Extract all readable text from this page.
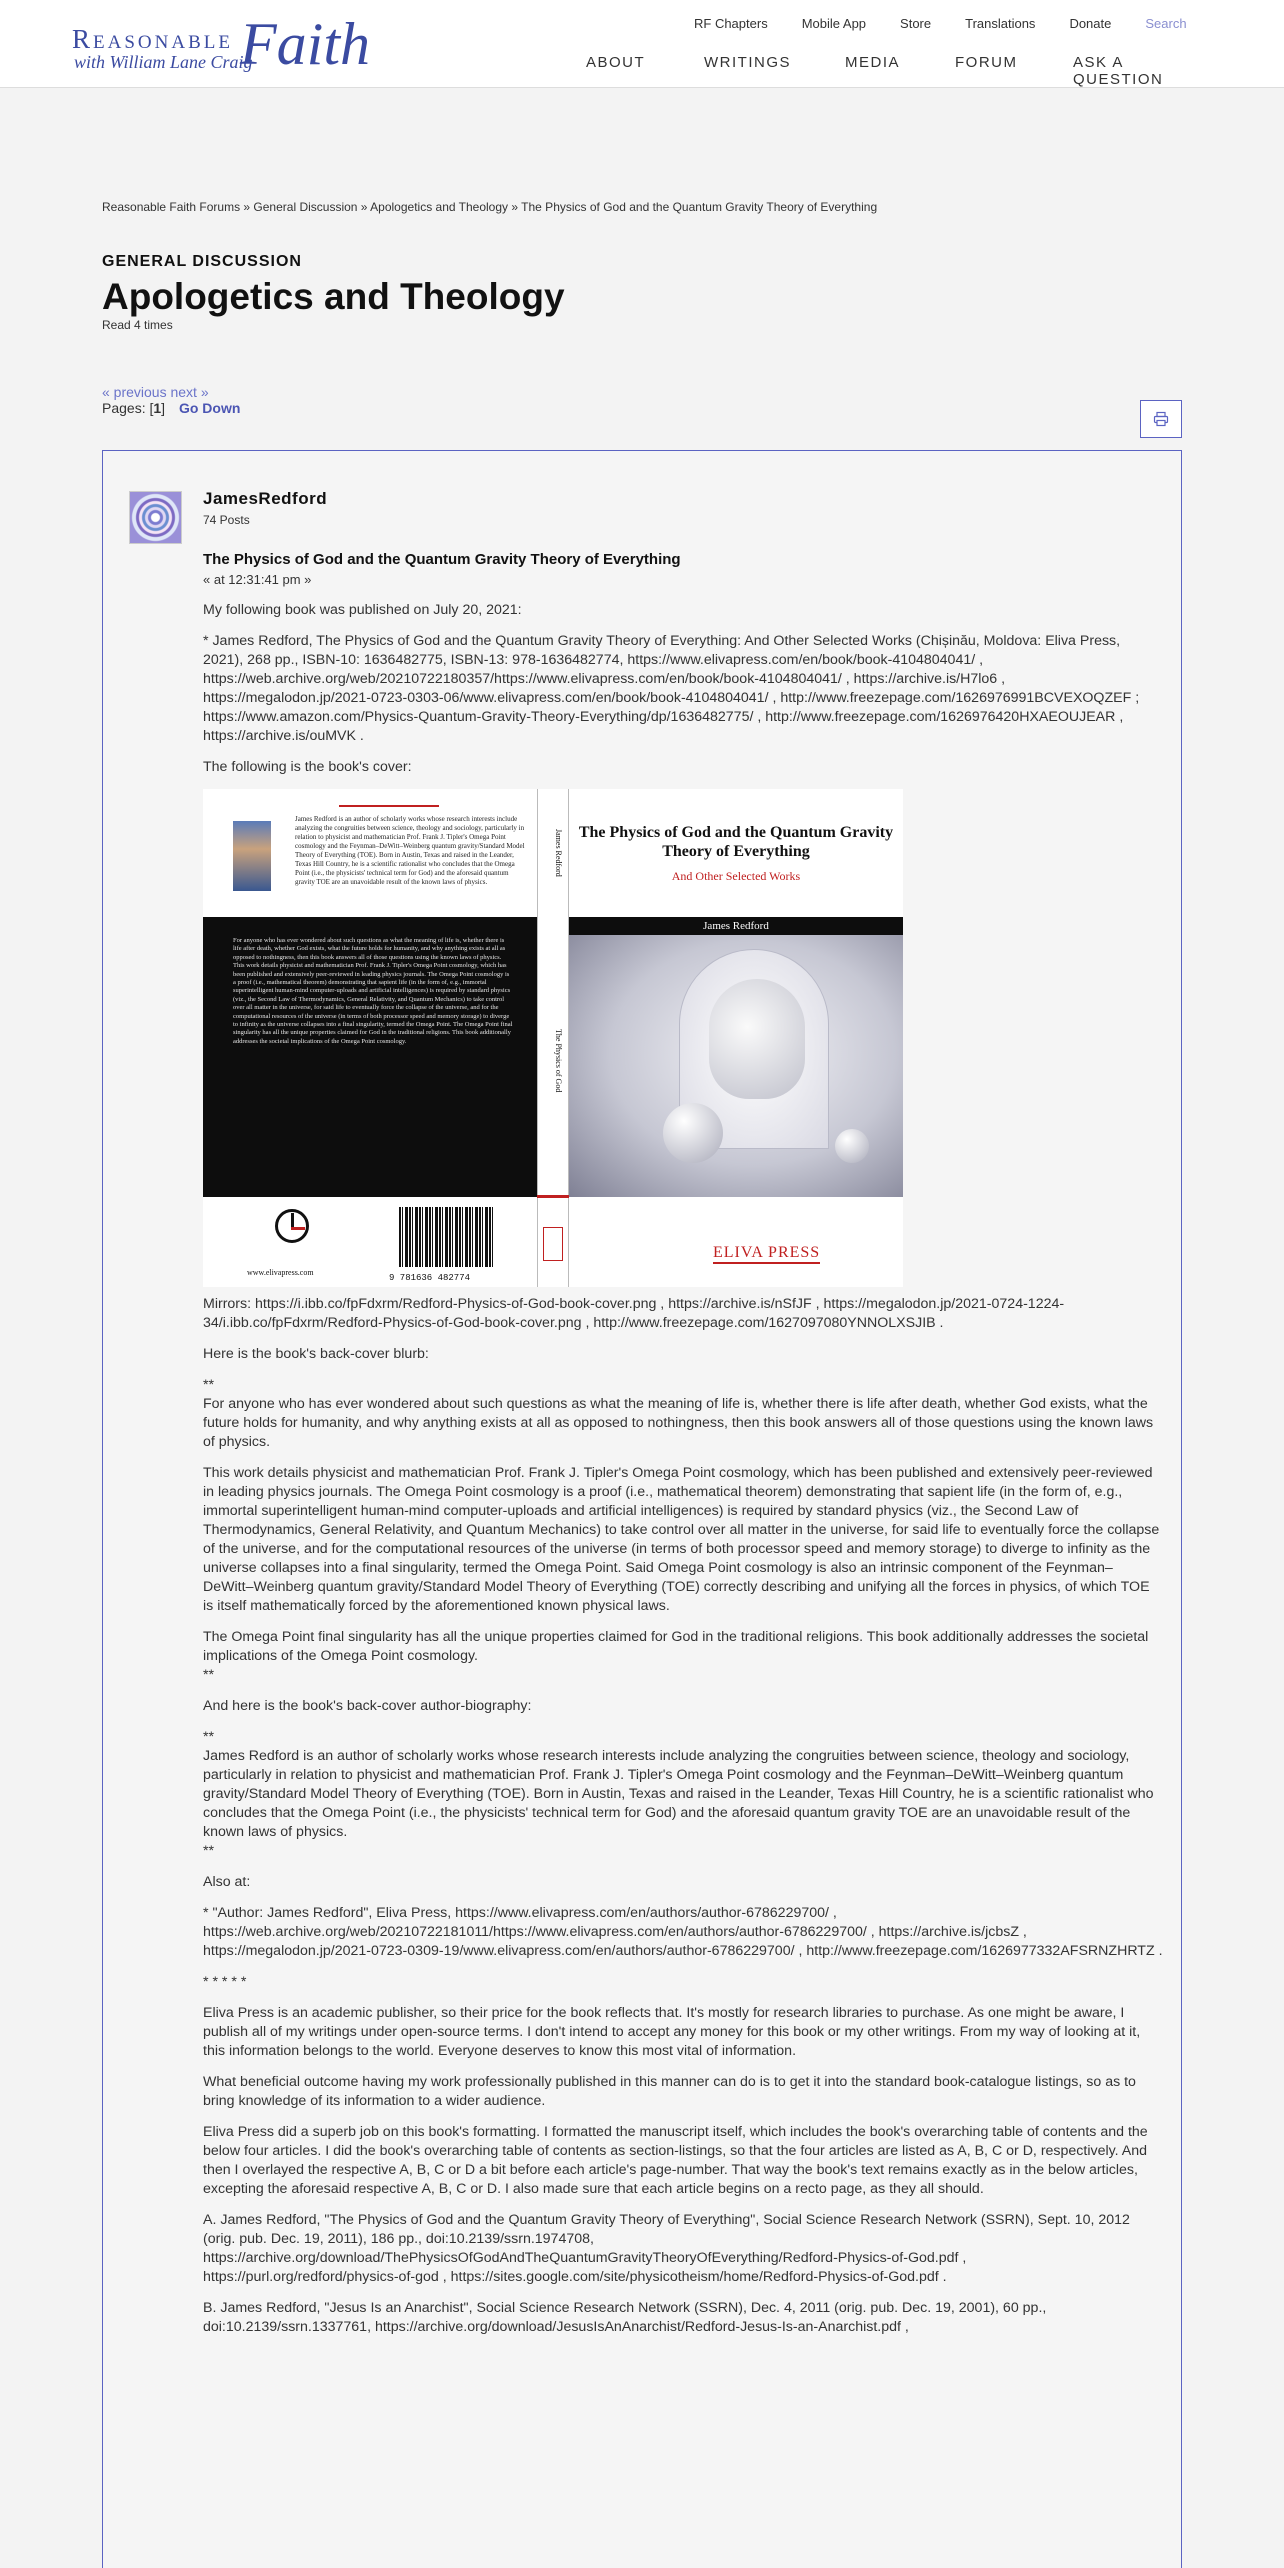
Reasonable Faith
with William Lane Craig
RF Chapters	Mobile App	Store	Translations	Donate	Search
ABOUT	WRITINGS	MEDIA	FORUM	ASK A QUESTION
Reasonable Faith Forums » General Discussion » Apologetics and Theology » The Physics of God and the Quantum Gravity Theory of Everything
GENERAL DISCUSSION
Apologetics and Theology
Read 4 times
« previous next »
Pages: [1] Go Down
JamesRedford
74 Posts
The Physics of God and the Quantum Gravity Theory of Everything
« at 12:31:41 pm »

My following book was published on July 20, 2021:

* James Redford, The Physics of God and the Quantum Gravity Theory of Everything: And Other Selected Works (Chișinău, Moldova: Eliva Press, 2021), 268 pp., ISBN-10: 1636482775, ISBN-13: 978-1636482774, https://www.elivapress.com/en/book/book-4104804041/ , https://web.archive.org/web/20210722180357/https://www.elivapress.com/en/book/book-4104804041/ , https://archive.is/H7lo6 , https://megalodon.jp/2021-0723-0303-06/www.elivapress.com/en/book/book-4104804041/ , http://www.freezepage.com/1626976991BCVEXOQZEF ; https://www.amazon.com/Physics-Quantum-Gravity-Theory-Everything/dp/1636482775/ , http://www.freezepage.com/1626976420HXAEOUJEAR , https://archive.is/ouMVK .

The following is the book's cover:

James Redford is an author of scholarly works whose research interests include analyzing the congruities between science, theology and sociology, particularly in relation to physicist and mathematician Prof. Frank J. Tipler's Omega Point cosmology and the Feynman–DeWitt–Weinberg quantum gravity/Standard Model Theory of Everything (TOE). Born in Austin, Texas and raised in the Leander, Texas Hill Country, he is a scientific rationalist who concludes that the Omega Point (i.e., the physicists' technical term for God) and the aforesaid quantum gravity TOE are an unavoidable result of the known laws of physics.
For anyone who has ever wondered about such questions as what the meaning of life is, whether there is life after death, whether God exists, what the future holds for humanity, and why anything exists at all as opposed to nothingness, then this book answers all of those questions using the known laws of physics. This work details physicist and mathematician Prof. Frank J. Tipler's Omega Point cosmology, which has been published and extensively peer-reviewed in leading physics journals. The Omega Point cosmology is a proof (i.e., mathematical theorem) demonstrating that sapient life (in the form of, e.g., immortal superintelligent human-mind computer-uploads and artificial intelligences) is required by standard physics (viz., the Second Law of Thermodynamics, General Relativity, and Quantum Mechanics) to take control over all matter in the universe, for said life to eventually force the collapse of the universe, and for the computational resources of the universe (in terms of both processor speed and memory storage) to diverge to infinity as the universe collapses into a final singularity, termed the Omega Point. The Omega Point final singularity has all the unique properties claimed for God in the traditional religions. This book additionally addresses the societal implications of the Omega Point cosmology.
www.elivapress.com
9 781636 482774
James Redford
The Physics of God
The Physics of God and the Quantum Gravity Theory of Everything
And Other Selected Works
James Redford
ELIVA PRESS

Mirrors: https://i.ibb.co/fpFdxrm/Redford-Physics-of-God-book-cover.png , https://archive.is/nSfJF , https://megalodon.jp/2021-0724-1224-34/i.ibb.co/fpFdxrm/Redford-Physics-of-God-book-cover.png , http://www.freezepage.com/1627097080YNNOLXSJIB .

Here is the book's back-cover blurb:

**

For anyone who has ever wondered about such questions as what the meaning of life is, whether there is life after death, whether God exists, what the future holds for humanity, and why anything exists at all as opposed to nothingness, then this book answers all of those questions using the known laws of physics.

This work details physicist and mathematician Prof. Frank J. Tipler's Omega Point cosmology, which has been published and extensively peer-reviewed in leading physics journals. The Omega Point cosmology is a proof (i.e., mathematical theorem) demonstrating that sapient life (in the form of, e.g., immortal superintelligent human-mind computer-uploads and artificial intelligences) is required by standard physics (viz., the Second Law of Thermodynamics, General Relativity, and Quantum Mechanics) to take control over all matter in the universe, for said life to eventually force the collapse of the universe, and for the computational resources of the universe (in terms of both processor speed and memory storage) to diverge to infinity as the universe collapses into a final singularity, termed the Omega Point. Said Omega Point cosmology is also an intrinsic component of the Feynman–DeWitt–Weinberg quantum gravity/Standard Model Theory of Everything (TOE) correctly describing and unifying all the forces in physics, of which TOE is itself mathematically forced by the aforementioned known physical laws.

The Omega Point final singularity has all the unique properties claimed for God in the traditional religions. This book additionally addresses the societal implications of the Omega Point cosmology.
**

And here is the book's back-cover author-biography:

**
James Redford is an author of scholarly works whose research interests include analyzing the congruities between science, theology and sociology, particularly in relation to physicist and mathematician Prof. Frank J. Tipler's Omega Point cosmology and the Feynman–DeWitt–Weinberg quantum gravity/Standard Model Theory of Everything (TOE). Born in Austin, Texas and raised in the Leander, Texas Hill Country, he is a scientific rationalist who concludes that the Omega Point (i.e., the physicists' technical term for God) and the aforesaid quantum gravity TOE are an unavoidable result of the known laws of physics.
**

Also at:

* "Author: James Redford", Eliva Press, https://www.elivapress.com/en/authors/author-6786229700/ , https://web.archive.org/web/20210722181011/https://www.elivapress.com/en/authors/author-6786229700/ , https://archive.is/jcbsZ , https://megalodon.jp/2021-0723-0309-19/www.elivapress.com/en/authors/author-6786229700/ , http://www.freezepage.com/1626977332AFSRNZHRTZ .

* * * * *

Eliva Press is an academic publisher, so their price for the book reflects that. It's mostly for research libraries to purchase. As one might be aware, I publish all of my writings under open-source terms. I don't intend to accept any money for this book or my other writings. From my way of looking at it, this information belongs to the world. Everyone deserves to know this most vital of information.

What beneficial outcome having my work professionally published in this manner can do is to get it into the standard book-catalogue listings, so as to bring knowledge of its information to a wider audience.

Eliva Press did a superb job on this book's formatting. I formatted the manuscript itself, which includes the book's overarching table of contents and the below four articles. I did the book's overarching table of contents as section-listings, so that the four articles are listed as A, B, C or D, respectively. And then I overlayed the respective A, B, C or D a bit before each article's page-number. That way the book's text remains exactly as in the below articles, excepting the aforesaid respective A, B, C or D. I also made sure that each article begins on a recto page, as they all should.

A. James Redford, "The Physics of God and the Quantum Gravity Theory of Everything", Social Science Research Network (SSRN), Sept. 10, 2012 (orig. pub. Dec. 19, 2011), 186 pp., doi:10.2139/ssrn.1974708, https://archive.org/download/ThePhysicsOfGodAndTheQuantumGravityTheoryOfEverything/Redford-Physics-of-God.pdf , https://purl.org/redford/physics-of-god , https://sites.google.com/site/physicotheism/home/Redford-Physics-of-God.pdf .

B. James Redford, "Jesus Is an Anarchist", Social Science Research Network (SSRN), Dec. 4, 2011 (orig. pub. Dec. 19, 2001), 60 pp., doi:10.2139/ssrn.1337761, https://archive.org/download/JesusIsAnAnarchist/Redford-Jesus-Is-an-Anarchist.pdf ,
